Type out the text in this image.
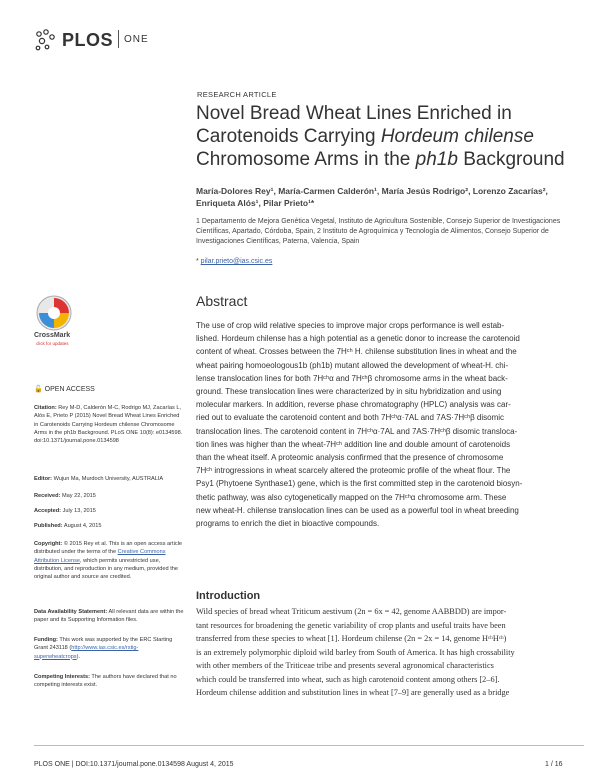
PLOS ONE
RESEARCH ARTICLE
Novel Bread Wheat Lines Enriched in
Carotenoids Carrying Hordeum chilense
Chromosome Arms in the ph1b Background
María-Dolores Rey¹, María-Carmen Calderón¹, María Jesús Rodrigo², Lorenzo Zacarías²,
Enriqueta Alós¹, Pilar Prieto¹*
1 Departamento de Mejora Genética Vegetal, Instituto de Agricultura Sostenible, Consejo Superior de Investigaciones Científicas, Apartado, Córdoba, Spain, 2 Instituto de Agroquímica y Tecnología de Alimentos, Consejo Superior de Investigaciones Científicas, Paterna, Valencia, Spain
* pilar.prieto@ias.csic.es
Abstract
The use of crop wild relative species to improve major crops performance is well estab-
lished. Hordeum chilense has a high potential as a genetic donor to increase the carotenoid
content of wheat. Crosses between the 7Hᶜʰ H. chilense substitution lines in wheat and the
wheat pairing homoeologous1b (ph1b) mutant allowed the development of wheat-H. chi-
lense translocation lines for both 7Hᶜʰα and 7Hᶜʰβ chromosome arms in the wheat back-
ground. These translocation lines were characterized by in situ hybridization and using
molecular markers. In addition, reverse phase chromatography (HPLC) analysis was car-
ried out to evaluate the carotenoid content and both 7Hᶜʰα·7AL and 7AS·7Hᶜʰβ disomic
translocation lines. The carotenoid content in 7Hᶜʰα·7AL and 7AS·7Hᶜʰβ disomic transloca-
tion lines was higher than the wheat-7Hᶜʰ addition line and double amount of carotenoids
than the wheat itself. A proteomic analysis confirmed that the presence of chromosome
7Hᶜʰ introgressions in wheat scarcely altered the proteomic profile of the wheat flour. The
Psy1 (Phytoene Synthase1) gene, which is the first committed step in the carotenoid biosyn-
thetic pathway, was also cytogenetically mapped on the 7Hᶜʰα chromosome arm. These
new wheat-H. chilense translocation lines can be used as a powerful tool in wheat breeding
programs to enrich the diet in bioactive compounds.
Introduction
Wild species of bread wheat Triticum aestivum (2n = 6x = 42, genome AABBDD) are impor-
tant resources for broadening the genetic variability of crop plants and useful traits have been
transferred from these species to wheat [1]. Hordeum chilense (2n = 2x = 14, genome HᶜʰHᶜʰ)
is an extremely polymorphic diploid wild barley from South of America. It has high crossability
with other members of the Triticeae tribe and presents several agronomical characteristics
which could be transferred into wheat, such as high carotenoid content among others [2–6].
Hordeum chilense addition and substitution lines in wheat [7–9] are generally used as a bridge
CrossMark
click for updates
🔓 OPEN ACCESS
Citation: Rey M-D, Calderón M-C, Rodrigo MJ, Zacarías L, Alós E, Prieto P (2015) Novel Bread Wheat Lines Enriched in Carotenoids Carrying Hordeum chilense Chromosome Arms in the ph1b Background. PLoS ONE 10(8): e0134598. doi:10.1371/journal.pone.0134598
Editor: Wujun Ma, Murdoch University, AUSTRALIA
Received: May 22, 2015
Accepted: July 13, 2015
Published: August 4, 2015
Copyright: © 2015 Rey et al. This is an open access article distributed under the terms of the Creative Commons Attribution License, which permits unrestricted use, distribution, and reproduction in any medium, provided the original author and source are credited.
Data Availability Statement: All relevant data are within the paper and its Supporting Information files.
Funding: This work was supported by the ERC Starting Grant 243118 (http://www.ias.csic.es/rstig-superwheatcrops).
Competing Interests: The authors have declared that no competing interests exist.
PLOS ONE | DOI:10.1371/journal.pone.0134598 August 4, 2015	1 / 16
